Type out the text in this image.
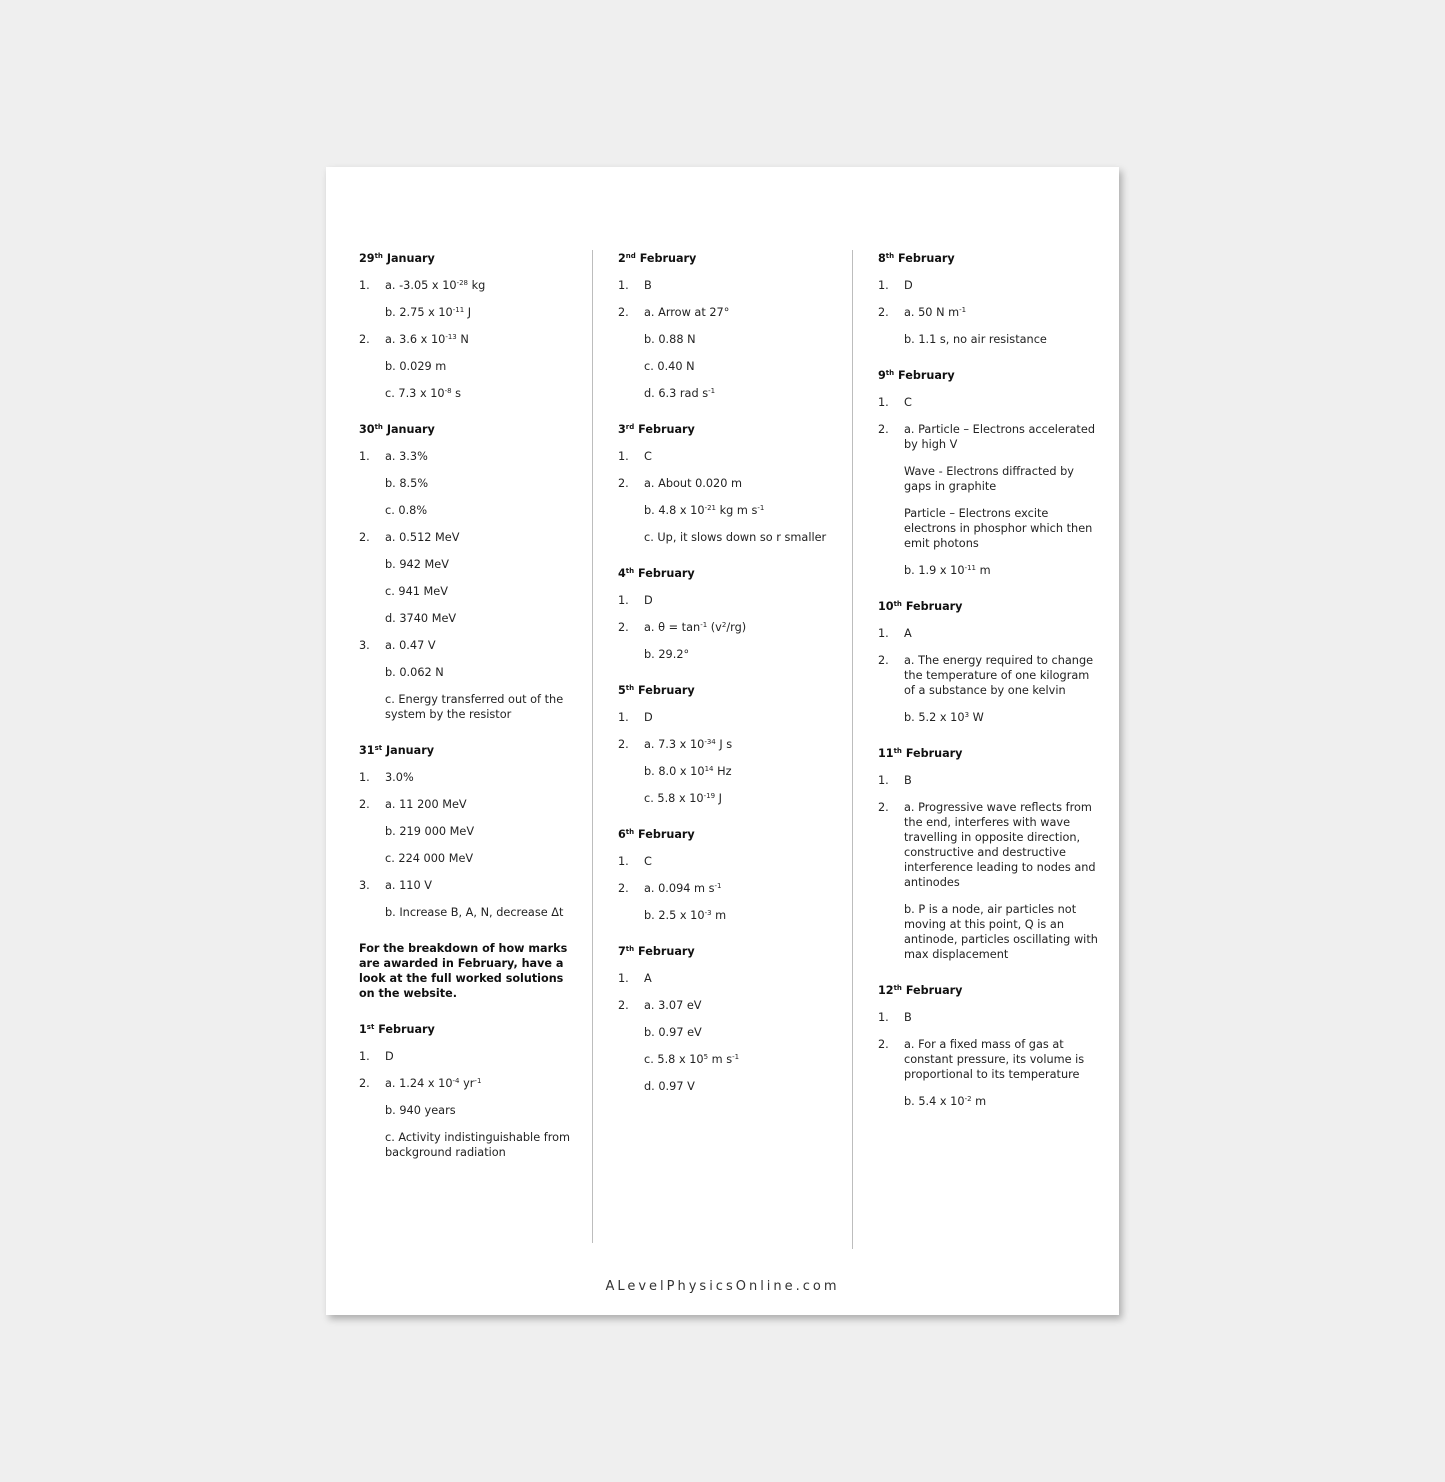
29th January
1.	a. -3.05 x $10^{-28}$ kg
b. 2.75 x $10^{-11}$ J
2.	a. 3.6 x $10^{-13}$ N
b. 0.029 m
c. 7.3 x $10^{-8}$ s
30th January
1.	a. 3.3%
b. 8.5%
c. 0.8%
2.	a. 0.512 MeV
b. 942 MeV
c. 941 MeV
d. 3740 MeV
3.	a. 0.47 V
b. 0.062 N
c. Energy transferred out of the system by the resistor
31st January
1.	3.0%
2.	a. 11 200 MeV
b. 219 000 MeV
c. 224 000 MeV
3.	a. 110 V
b. Increase B, A, N, decrease Δt
For the breakdown of how marks are awarded in February, have a look at the full worked solutions on the website.
1st February
1.	D
2.	a. 1.24 x $10^{-4}$ $yr^{-1}$
b. 940 years
c. Activity indistinguishable from background radiation
2nd February
1.	B
2.	a. Arrow at 27°
b. 0.88 N
c. 0.40 N
d. 6.3 rad $s^{-1}$
3rd February
1.	C
2.	a. About 0.020 m
b. 4.8 x $10^{-21}$ kg m $s^{-1}$
c. Up, it slows down so r smaller
4th February
1.	D
2.	a. $\theta = \tan^{-1} (v^2/rg)$
b. 29.2°
5th February
1.	D
2.	a. 7.3 x $10^{-34}$ J s
b. 8.0 x $10^{14}$ Hz
c. 5.8 x $10^{-19}$ J
6th February
1.	C
2.	a. 0.094 m $s^{-1}$
b. 2.5 x $10^{-3}$ m
7th February
1.	A
2.	a. 3.07 eV
b. 0.97 eV
c. 5.8 x $10^5$ m $s^{-1}$
d. 0.97 V
8th February
1.	D
2.	a. 50 N $m^{-1}$
b. 1.1 s, no air resistance
9th February
1.	C
2.	a. Particle – Electrons accelerated by high V
Wave - Electrons diffracted by gaps in graphite
Particle – Electrons excite electrons in phosphor which then emit photons
b. 1.9 x $10^{-11}$ m
10th February
1.	A
2.	a. The energy required to change the temperature of one kilogram of a substance by one kelvin
b. 5.2 x $10^3$ W
11th February
1.	B
2.	a. Progressive wave reflects from the end, interferes with wave travelling in opposite direction, constructive and destructive interference leading to nodes and antinodes
b. P is a node, air particles not moving at this point, Q is an antinode, particles oscillating with max displacement
12th February
1.	B
2.	a. For a fixed mass of gas at constant pressure, its volume is proportional to its temperature
b. 5.4 x $10^{-2}$ m
ALevelPhysicsOnline.com
